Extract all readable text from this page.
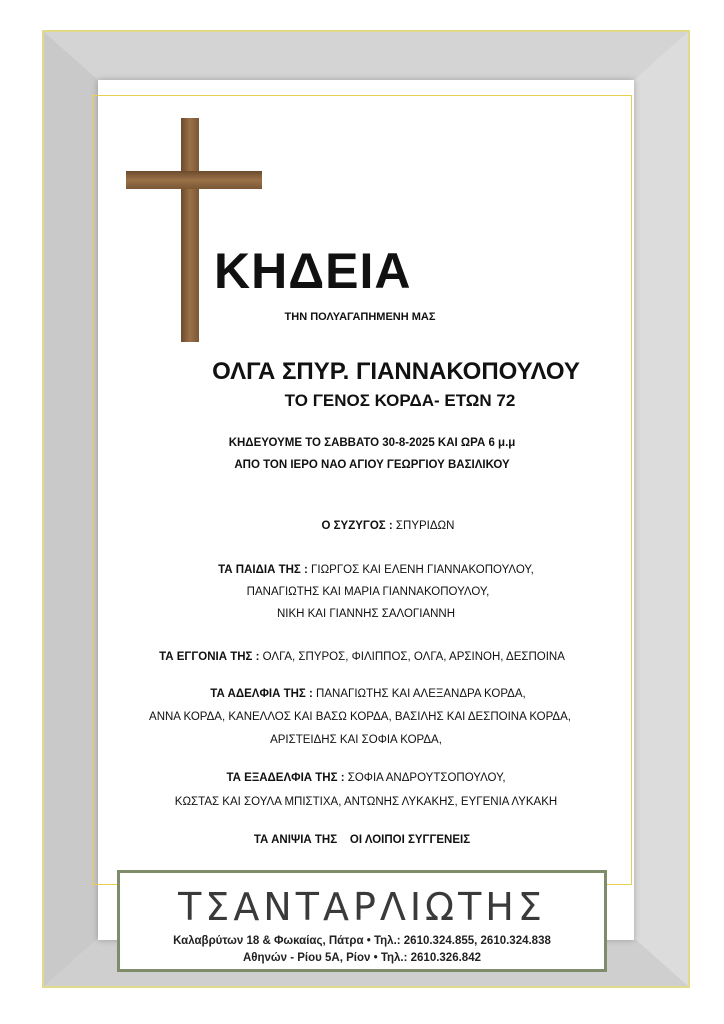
ΚΗΔΕΙΑ
ΤΗΝ ΠΟΛΥΑΓΑΠΗΜΕΝΗ ΜΑΣ
ΟΛΓΑ ΣΠΥΡ. ΓΙΑΝΝΑΚΟΠΟΥΛΟΥ
ΤΟ ΓΕΝΟΣ ΚΟΡΔΑ- ΕΤΩΝ 72
ΚΗΔΕΥΟΥΜΕ ΤΟ ΣΑΒΒΑΤΟ 30-8-2025 ΚΑΙ ΩΡΑ 6 μ.μ
ΑΠΟ ΤΟΝ ΙΕΡΟ ΝΑΟ ΑΓΙΟΥ ΓΕΩΡΓΙΟΥ ΒΑΣΙΛΙΚΟΥ
Ο ΣΥΖΥΓΟΣ : ΣΠΥΡΙΔΩΝ
ΤΑ ΠΑΙΔΙΑ ΤΗΣ : ΓΙΩΡΓΟΣ ΚΑΙ ΕΛΕΝΗ ΓΙΑΝΝΑΚΟΠΟΥΛΟΥ,
ΠΑΝΑΓΙΩΤΗΣ ΚΑΙ ΜΑΡΙΑ ΓΙΑΝΝΑΚΟΠΟΥΛΟΥ,
ΝΙΚΗ ΚΑΙ ΓΙΑΝΝΗΣ ΣΑΛΟΓΙΑΝΝΗ
ΤΑ ΕΓΓΟΝΙΑ ΤΗΣ : ΟΛΓΑ, ΣΠΥΡΟΣ, ΦΙΛΙΠΠΟΣ, ΟΛΓΑ, ΑΡΣΙΝΟΗ, ΔΕΣΠΟΙΝΑ
ΤΑ ΑΔΕΛΦΙΑ ΤΗΣ : ΠΑΝΑΓΙΩΤΗΣ ΚΑΙ ΑΛΕΞΑΝΔΡΑ ΚΟΡΔΑ,
ΑΝΝΑ ΚΟΡΔΑ, ΚΑΝΕΛΛΟΣ ΚΑΙ ΒΑΣΩ ΚΟΡΔΑ, ΒΑΣΙΛΗΣ ΚΑΙ ΔΕΣΠΟΙΝΑ ΚΟΡΔΑ,
ΑΡΙΣΤΕΙΔΗΣ ΚΑΙ ΣΟΦΙΑ ΚΟΡΔΑ,
ΤΑ ΕΞΑΔΕΛΦΙΑ ΤΗΣ : ΣΟΦΙΑ ΑΝΔΡΟΥΤΣΟΠΟΥΛΟΥ,
ΚΩΣΤΑΣ ΚΑΙ ΣΟΥΛΑ ΜΠΙΣΤΙΧΑ, ΑΝΤΩΝΗΣ ΛΥΚΑΚΗΣ, ΕΥΓΕΝΙΑ ΛΥΚΑΚΗ
ΤΑ ΑΝΙΨΙΑ ΤΗΣ ΟΙ ΛΟΙΠΟΙ ΣΥΓΓΕΝΕΙΣ
ΤΣΑΝΤΑΡΛΙΩΤΗΣ
Καλαβρύτων 18 & Φωκαίας, Πάτρα • Τηλ.: 2610.324.855, 2610.324.838
Αθηνών - Ρίου 5Α, Ρίον • Τηλ.: 2610.326.842
